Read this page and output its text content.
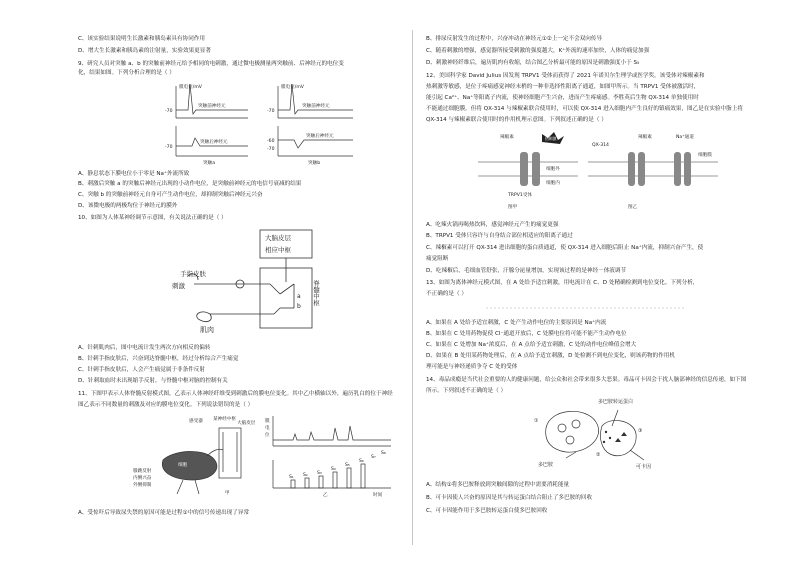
C、该实验结果说明生长激素和胰岛素具有协同作用
D、增大生长激素和胰岛素的注射量，实验效果更显著
9、研究人员对突触 a、b 的突触前神经元给予相同的电刺激，通过微电极测量两突触前、后神经元的电位变
化，结果如图。下列分析合理的是（ ）
膜电位/mV
突触前神经元
-70
突触后神经元
-70
突触a
膜电位/mV
突触前神经元
-70
突触后神经元
-60
-70
突触b
A、静息状态下膜电位小于零是 Na⁺外流所致
B、刺激后突触 a 的突触后神经元出现的小动作电位，是突触前神经元的电信号衰减的结果
C、突触 b 的突触前神经元自身可产生动作电位，却抑制突触后神经元兴奋
D、该微电极的两极均位于神经元的膜外
10、如图为人体某神经调节示意图，有关说法正确的是（ ）
大脑皮层
相应中枢
手指皮肤
刺激	脊髓中枢
肌肉
a
b
A、针刺肌肉后，图中电流计发生两次方向相反的偏转
B、针刺手指皮肤后，兴奋到达脊髓中枢，经过分析综合产生痛觉
C、针刺手指皮肤后，人会产生痛觉属于非条件反射
D、针刺取血时未出现缩手反射，与脊髓中枢对脑的控制有关
11、下图甲表示人体脊髓反射模式图，乙表示人体神经纤维受到刺激后的膜电位变化。其中乙中横轴以外，遍历乳白的位于神经
图乙表示不同数量的刺激及对应的膜电位变化。下列说法错误的是（ ）
感受器 某神经中枢
大脑皮层
细胞
膝跳反射
内侧兴奋
外侧抑制
甲
膜
电
位
S₁ S₂ S₃
S₄
S₅
S₆
S₇
S₈
乙	时间
A、受惊吓后导致尿失禁的原因可能是过程①中的信号传递出现了异常
B、排尿反射发生的过程中，兴奋冲动在神经元①②上一定不会双向传导
C、随着刺激的增强，感觉器所接受刺激的强度越大，K⁺外流的速率加快，人体的痛觉加强
D、刺激神经纤维后，遍历肌肉有收缩，结合图乙分析最可能的原因是刺激强度小于 S₅
12、美国科学家 David Julius 因发现 TRPV1 受体而获得了 2021 年诺贝尔生理学或医学奖。该受体对辣椒素和
热刺激等敏感，是位于疼痛感觉神经末梢的一种非选择性阳离子通道，如图甲所示。当 TRPV1 受体被激活时，
能引起 Ca²⁺、Na⁺等阳离子内流，使神经细胞产生兴奋，进而产生疼痛感。李胜英后生物 QX-314 单独使用时
不能通过细胞膜，但将 QX-314 与辣椒素联合使用时，可以使 QX-314 进入细胞内产生良好的镇痛效果，图乙是在实验中脂上将
QX-314 与辣椒素联合使用时的作用机理示意图。下列叙述正确的是（ ）
辣椒素	热刺激
细胞外
细胞内
TRPV1受体
QX-314
辣椒素	Na⁺通道
细胞膜
图甲	图乙
A、吃辣火锅再喝热饮料，感觉神经元产生的痛觉更强
B、TRPV1 受体只容许与自身结合部位相适应的阳离子通过
C、辣椒素可以打开 QX-314 进出细胞的蛋白质通道，使 QX-314 进入细胞后阻止 Na⁺内流，抑制兴奋产生，使
痛觉阻断
D、吃辣椒后，毛细血管舒张，汗腺分泌量增加，实现该过程的是神经－体液调节
13、如图为离体神经元模式图，在 A 处给予适宜刺激，用电流计在 C、D 处精确检测到电位变化。下列分析，
不正确的是（ ）
A、如果在 A 处给予适宜刺激，C 处产生动作电位的主要原因是 Na⁺内流
B、如果在 C 处用药物促使 Cl⁻通道开放后，C 处膜电位将可能不能产生动作电位
C、如果在 C 处增加 Na⁺浓度后，在 A 点给予适宜刺激，C 处的动作电位峰值会增大
D、如果在 B 处用某药物处理后，在 A 点给予适宜刺激，D 处检测不到电位变化，则该药物的作用机
理可能是与神经递质争夺 C 处的受体
14、毒品成瘾是当代社会重要的人的健康问题，给公众和社会带来很多大恶果。毒品可卡因会干扰人脑部神经的信息传递，如下图
所示。下列叙述不正确的是（ ）
多巴胺转运蛋白
多巴胺	可卡因
①
②
③
A、结构①将多巴胺释放到突触间隙的过程中需要消耗能量
B、可卡因使人兴奋的原因是其与转运蛋白结合阻止了多巴胺的回收
C、可卡因能作用于多巴胺转运蛋白使多巴胺回收
